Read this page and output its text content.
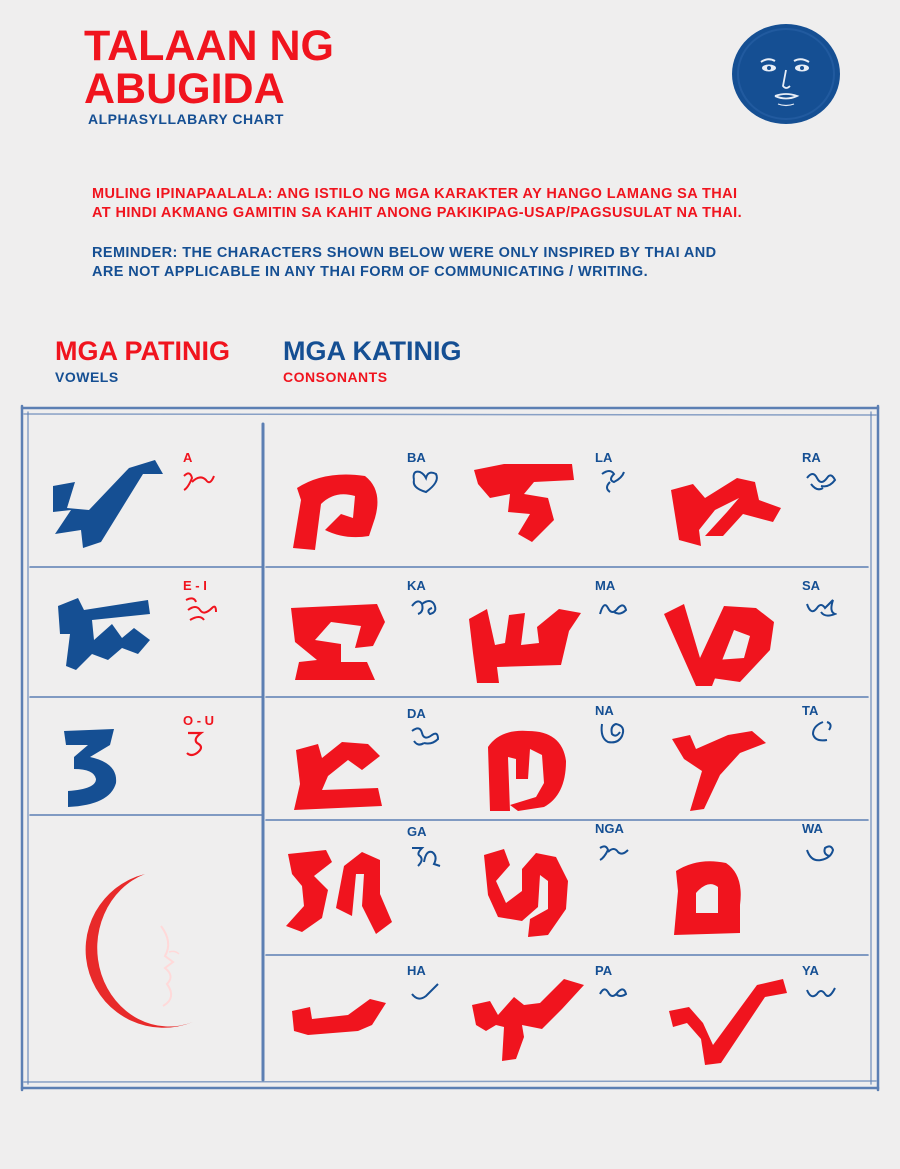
TALAAN NG
ABUGIDA
ALPHASYLLABARY CHART
MULING IPINAPAALALA: ANG ISTILO NG MGA KARAKTER AY HANGO LAMANG SA THAI
AT HINDI AKMANG GAMITIN SA KAHIT ANONG PAKIKIPAG-USAP/PAGSUSULAT NA THAI.
REMINDER: THE CHARACTERS SHOWN BELOW WERE ONLY INSPIRED BY THAI AND
ARE NOT APPLICABLE IN ANY THAI FORM OF COMMUNICATING / WRITING.
MGA PATINIG
VOWELS
MGA KATINIG
CONSONANTS
A
E - I
O - U
BA	LA	RA
KA	MA	SA
DA	NA	TA
GA	NGA	WA
HA	PA	YA
